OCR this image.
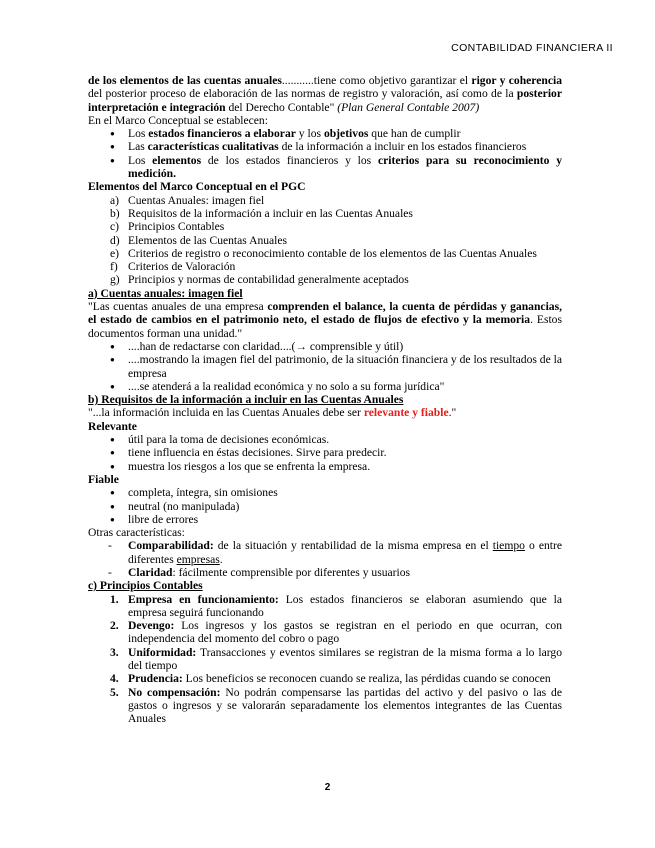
CONTABILIDAD FINANCIERA II

de los elementos de las cuentas anuales...........tiene como objetivo garantizar el rigor y coherencia del posterior proceso de elaboración de las normas de registro y valoración, así como de la posterior interpretación e integración del Derecho Contable" (Plan General Contable 2007)

En el Marco Conceptual se establecen:

● Los estados financieros a elaborar y los objetivos que han de cumplir
● Las características cualitativas de la información a incluir en los estados financieros
● Los elementos de los estados financieros y los criterios para su reconocimiento y medición.

Elementos del Marco Conceptual en el PGC

a) Cuentas Anuales: imagen fiel
b) Requisitos de la información a incluir en las Cuentas Anuales
c) Principios Contables
d) Elementos de las Cuentas Anuales
e) Criterios de registro o reconocimiento contable de los elementos de las Cuentas Anuales
f) Criterios de Valoración
g) Principios y normas de contabilidad generalmente aceptados

a) Cuentas anuales: imagen fiel

"Las cuentas anuales de una empresa comprenden el balance, la cuenta de pérdidas y ganancias, el estado de cambios en el patrimonio neto, el estado de flujos de efectivo y la memoria. Estos documentos forman una unidad."

● ....han de redactarse con claridad....(→ comprensible y útil)
● ....mostrando la imagen fiel del patrimonio, de la situación financiera y de los resultados de la empresa
● ....se atenderá a la realidad económica y no solo a su forma jurídica"

b) Requisitos de la información a incluir en las Cuentas Anuales

"...la información incluida en las Cuentas Anuales debe ser relevante y fiable."

Relevante

● útil para la toma de decisiones económicas.
● tiene influencia en éstas decisiones. Sirve para predecir.
● muestra los riesgos a los que se enfrenta la empresa.

Fiable

● completa, íntegra, sin omisiones
● neutral (no manipulada)
● libre de errores

Otras características:

- Comparabilidad: de la situación y rentabilidad de la misma empresa en el tiempo o entre diferentes empresas.
- Claridad: fácilmente comprensible por diferentes y usuarios

c) Principios Contables

1. Empresa en funcionamiento: Los estados financieros se elaboran asumiendo que la empresa seguirá funcionando
2. Devengo: Los ingresos y los gastos se registran en el periodo en que ocurran, con independencia del momento del cobro o pago
3. Uniformidad: Transacciones y eventos similares se registran de la misma forma a lo largo del tiempo
4. Prudencia: Los beneficios se reconocen cuando se realiza, las pérdidas cuando se conocen
5. No compensación: No podrán compensarse las partidas del activo y del pasivo o las de gastos o ingresos y se valorarán separadamente los elementos integrantes de las Cuentas Anuales
2
